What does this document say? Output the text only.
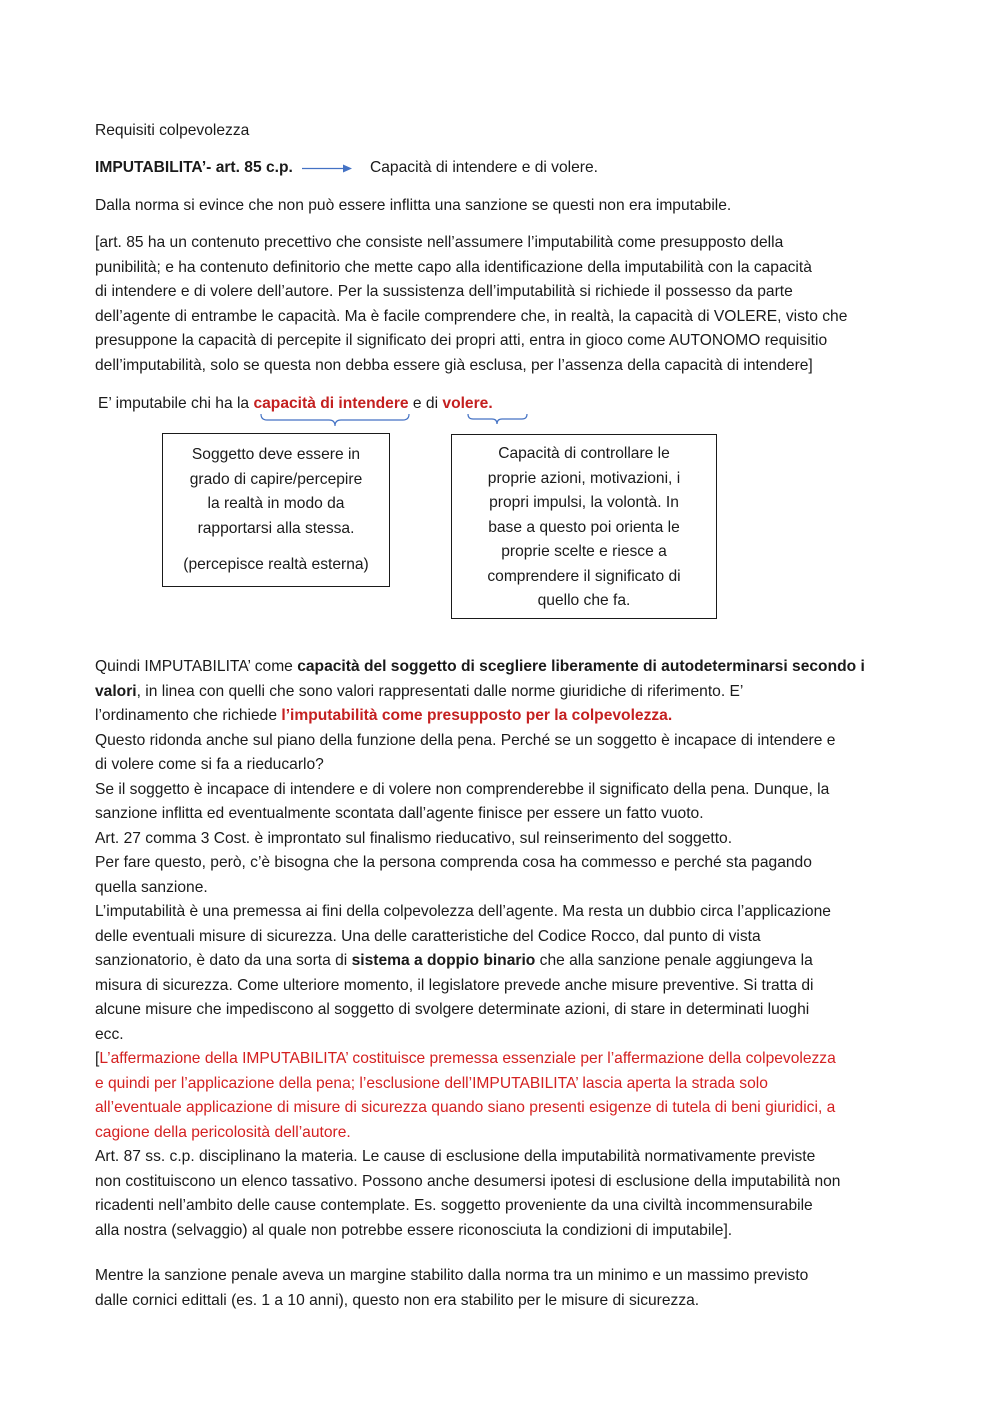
Requisiti colpevolezza
IMPUTABILITA’- art. 85 c.p.	Capacità di intendere e di volere.
Dalla norma si evince che non può essere inflitta una sanzione se questi non era imputabile.
[art. 85 ha un contenuto precettivo che consiste nell’assumere l’imputabilità come presupposto della
punibilità; e ha contenuto definitorio che mette capo alla identificazione della imputabilità con la capacità
di intendere e di volere dell’autore. Per la sussistenza dell’imputabilità si richiede il possesso da parte
dell’agente di entrambe le capacità. Ma è facile comprendere che, in realtà, la capacità di VOLERE, visto che
presuppone la capacità di percepite il significato dei propri atti, entra in gioco come AUTONOMO requisitio
dell’imputabilità, solo se questa non debba essere già esclusa, per l’assenza della capacità di intendere]
E’ imputabile chi ha la capacità di intendere e di volere.
Soggetto deve essere in
grado di capire/percepire
la realtà in modo da
rapportarsi alla stessa.
(percepisce realtà esterna)
Capacità di controllare le
proprie azioni, motivazioni, i
propri impulsi, la volontà. In
base a questo poi orienta le
proprie scelte e riesce a
comprendere il significato di
quello che fa.
Quindi IMPUTABILITA’ come capacità del soggetto di scegliere liberamente di autodeterminarsi secondo i
valori, in linea con quelli che sono valori rappresentati dalle norme giuridiche di riferimento. E’
l’ordinamento che richiede l’imputabilità come presupposto per la colpevolezza.
Questo ridonda anche sul piano della funzione della pena. Perché se un soggetto è incapace di intendere e
di volere come si fa a rieducarlo?
Se il soggetto è incapace di intendere e di volere non comprenderebbe il significato della pena. Dunque, la
sanzione inflitta ed eventualmente scontata dall’agente finisce per essere un fatto vuoto.
Art. 27 comma 3 Cost. è improntato sul finalismo rieducativo, sul reinserimento del soggetto.
Per fare questo, però, c’è bisogna che la persona comprenda cosa ha commesso e perché sta pagando
quella sanzione.
L’imputabilità è una premessa ai fini della colpevolezza dell’agente. Ma resta un dubbio circa l’applicazione
delle eventuali misure di sicurezza. Una delle caratteristiche del Codice Rocco, dal punto di vista
sanzionatorio, è dato da una sorta di sistema a doppio binario che alla sanzione penale aggiungeva la
misura di sicurezza. Come ulteriore momento, il legislatore prevede anche misure preventive. Si tratta di
alcune misure che impediscono al soggetto di svolgere determinate azioni, di stare in determinati luoghi
ecc.
[L’affermazione della IMPUTABILITA’ costituisce premessa essenziale per l’affermazione della colpevolezza
e quindi per l’applicazione della pena; l’esclusione dell’IMPUTABILITA’ lascia aperta la strada solo
all’eventuale applicazione di misure di sicurezza quando siano presenti esigenze di tutela di beni giuridici, a
cagione della pericolosità dell’autore.
Art. 87 ss. c.p. disciplinano la materia. Le cause di esclusione della imputabilità normativamente previste
non costituiscono un elenco tassativo. Possono anche desumersi ipotesi di esclusione della imputabilità non
ricadenti nell’ambito delle cause contemplate. Es. soggetto proveniente da una civiltà incommensurabile
alla nostra (selvaggio) al quale non potrebbe essere riconosciuta la condizioni di imputabile].
Mentre la sanzione penale aveva un margine stabilito dalla norma tra un minimo e un massimo previsto
dalle cornici edittali (es. 1 a 10 anni), questo non era stabilito per le misure di sicurezza.
